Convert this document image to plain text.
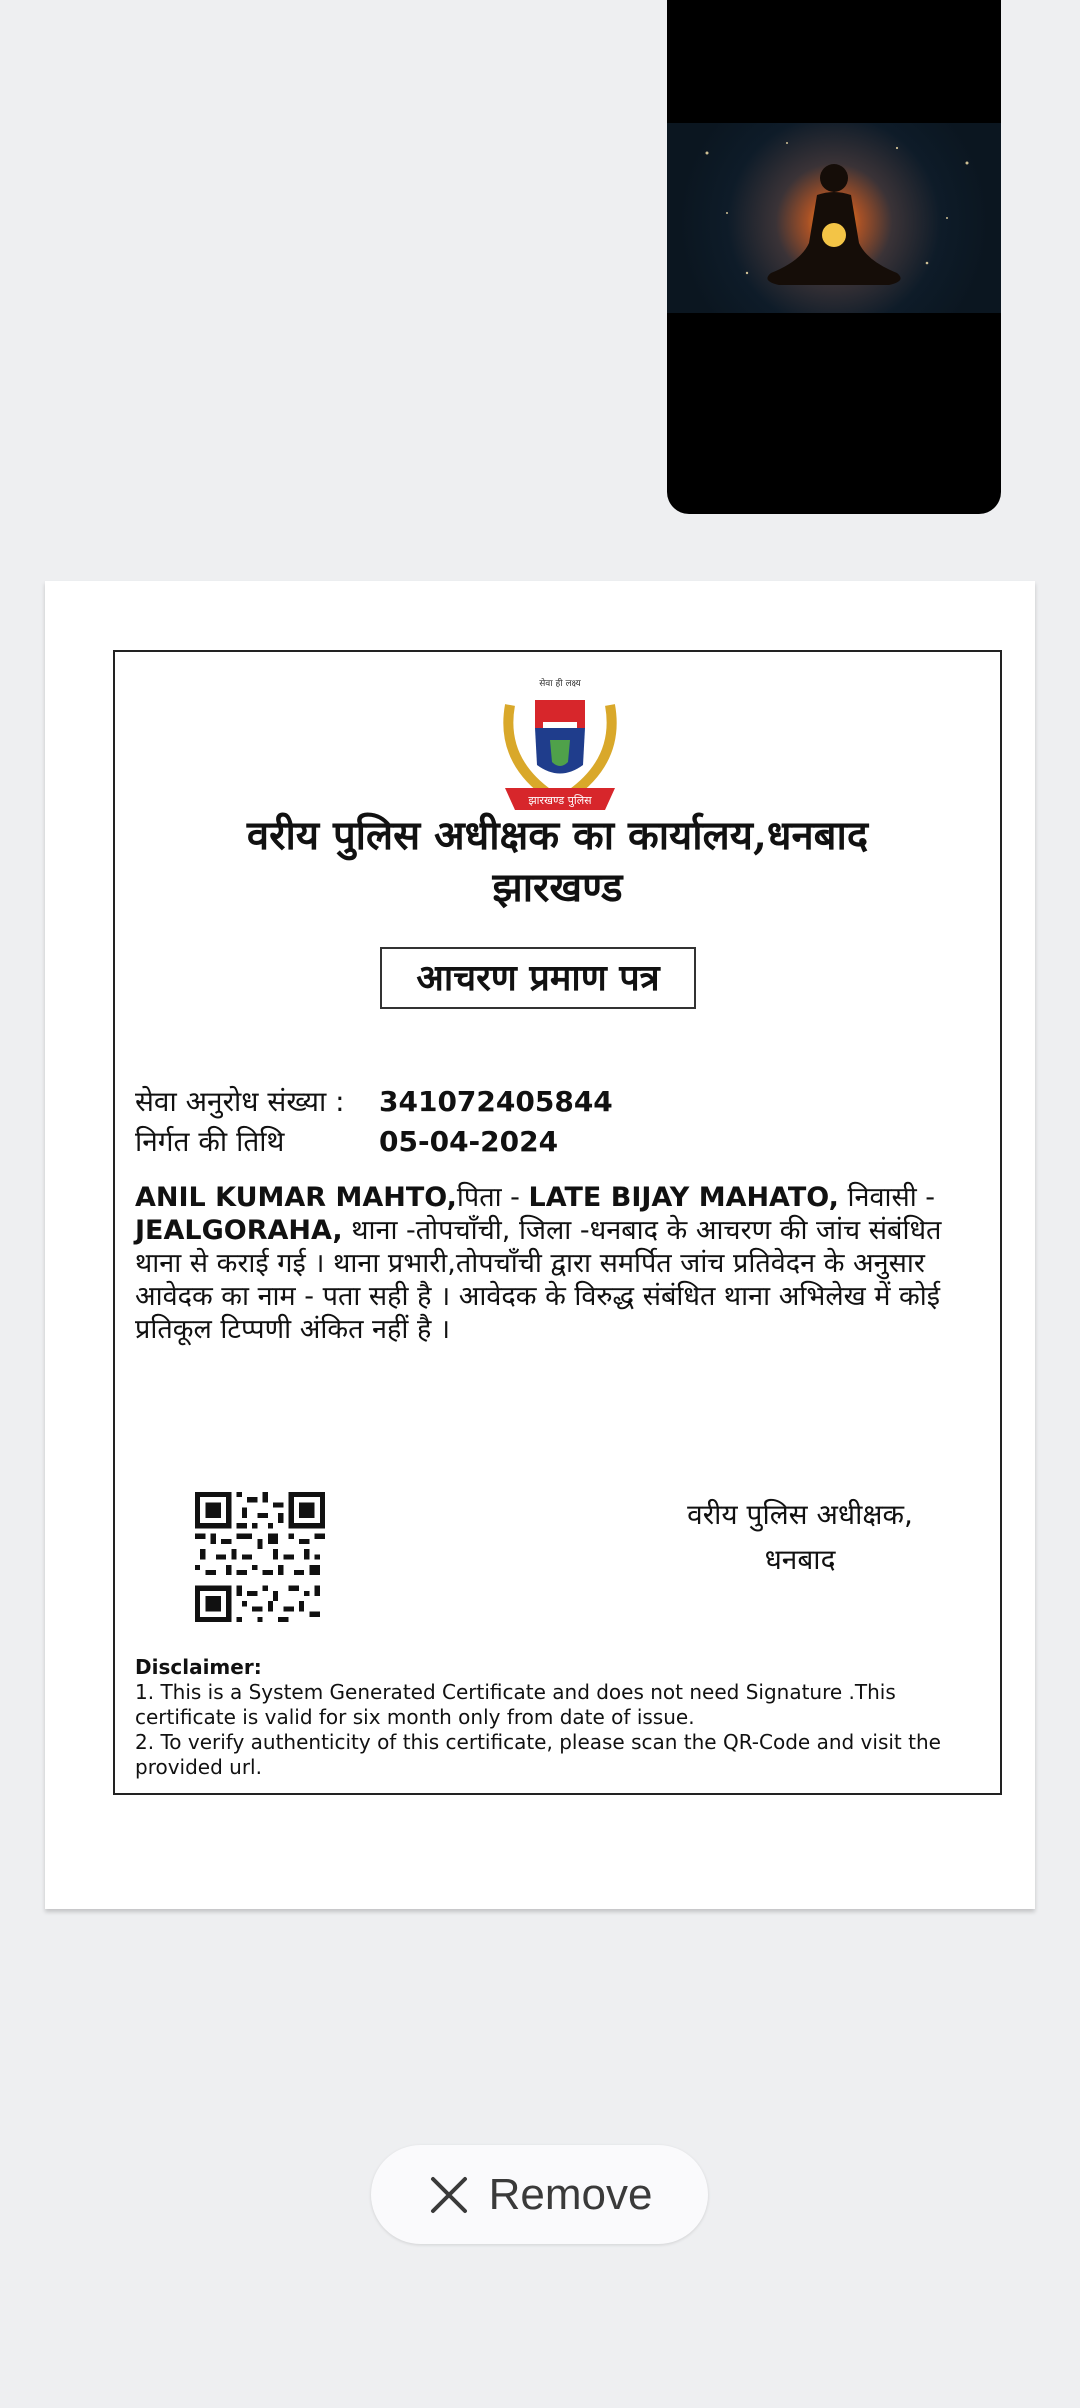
सेवा ही लक्ष्य
झारखण्ड पुलिस
वरीय पुलिस अधीक्षक का कार्यालय,धनबाद
झारखण्ड
आचरण प्रमाण पत्र
सेवा अनुरोध संख्या : 341072405844
निर्गत की तिथि	05-04-2024
ANIL KUMAR MAHTO,पिता - LATE BIJAY MAHATO, निवासी - JEALGORAHA, थाना -तोपचाँची, जिला -धनबाद के आचरण की जांच संबंधित थाना से कराई गई । थाना प्रभारी,तोपचाँची द्वारा समर्पित जांच प्रतिवेदन के अनुसार आवेदक का नाम - पता सही है । आवेदक के विरुद्ध संबंधित थाना अभिलेख में कोई प्रतिकूल टिप्पणी अंकित नहीं है ।
वरीय पुलिस अधीक्षक,
धनबाद
Disclaimer:
1. This is a System Generated Certificate and does not need Signature .This certificate is valid for six month only from date of issue.
2. To verify authenticity of this certificate, please scan the QR-Code and visit the provided url.
Remove
